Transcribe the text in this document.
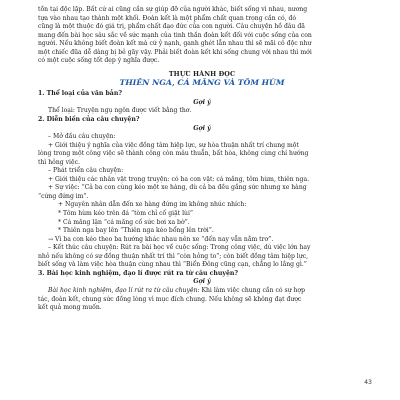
tồn tại độc lập. Bất cứ ai cũng cần sự giúp đỡ của người khác, biết sống vì nhau, nương

tựa vào nhau tạo thành một khối. Đoàn kết là một phẩm chất quan trọng cần có, đó

cũng là một thuộc đó giá trị, phẩm chất đạo đức của con người. Câu chuyện hồ đâu đã

mang đến bài học sâu sắc về sức mạnh của tinh thần đoàn kết đối với cuộc sống của con

người. Nếu không biết đoàn kết mà cứ ỷ nạnh, ganh ghét lẫn nhau thì sẽ mãi cô độc như

một chiếc đũa dễ dàng bị bẻ gãy vậy. Phải biết đoàn kết khi sống chung với nhau thì mới

có một cuộc sống tốt đẹp ý nghĩa được.

THỰC HÀNH ĐỌC

THIÊN NGA, CÁ MĂNG VÀ TÔM HÙM

1. Thể loại của văn bản?

Gợi ý

Thể loại: Truyện ngụ ngôn được viết bằng thơ.

2. Diễn biến của câu chuyện?

Gợi ý

– Mở đầu câu chuyện:

+ Giới thiệu ý nghĩa của việc đồng tâm hiệp lực, sự hòa thuận nhất trí chung một

lòng trong một công việc sẽ thành công còn mâu thuẫn, bất hòa, không cùng chí hướng

thì hỏng việc.

– Phát triển câu chuyện:

+ Giới thiệu các nhân vật trong truyện: có ba con vật: cá măng, tôm hùm, thiên nga.

+ Sự việc: “Cả ba con cùng kéo một xe hàng, dù cả ba đều gắng sức nhưng xe hàng

“cứng đứng im”.

+ Nguyên nhân dẫn đến xe hàng đứng im không nhúc nhích:

* Tôm hùm kéo trên đá “tòm chỉ cố giật lùi”

* Cá măng lặn “cá măng cố sức bơi xa bờ”.

* Thiên nga bay lên “Thiên nga kéo bổng lên trời”.

→ Vì ba con kéo theo ba hướng khác nhau nên xe “đến nay vẫn nằm trơ”.

– Kết thúc câu chuyện: Rút ra bài học về cuộc sống: Trong công việc, dù việc lớn hay

nhỏ nếu không có sự đồng thuận nhất trí thì “còn hỏng to”; còn biết đồng tâm hiệp lực,

biết sống và làm việc hòa thuận cùng nhau thì “Biển Đông cũng cạn, chẳng lo lắng gì.”

3. Bài học kinh nghiệm, đạo lí được rút ra từ câu chuyện?

Gợi ý

Bài học kinh nghiệm, đạo lí rút ra từ câu chuyện: Khi làm việc chung cần có sự hợp

tác, đoàn kết, chung sức đồng lòng vì mục đích chung. Nếu không sẽ không đạt được

kết quả mong muốn.

43
